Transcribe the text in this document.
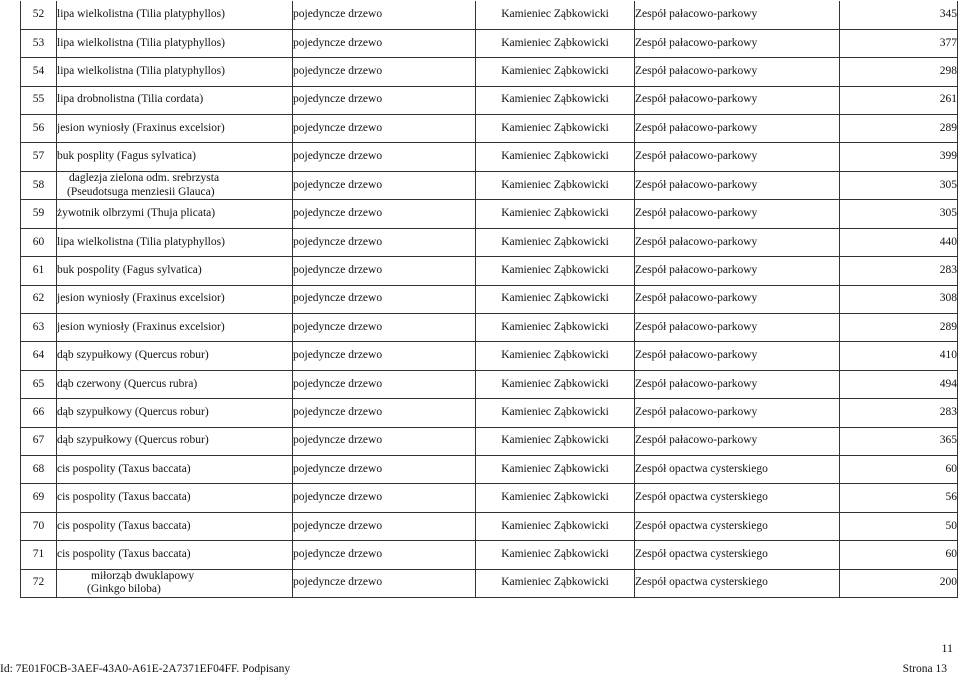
52	lipa wielkolistna (Tilia platyphyllos)	pojedyncze drzewo	Kamieniec Ząbkowicki	Zespół pałacowo-parkowy	345
53	lipa wielkolistna (Tilia platyphyllos)	pojedyncze drzewo	Kamieniec Ząbkowicki	Zespół pałacowo-parkowy	377
54	lipa wielkolistna (Tilia platyphyllos)	pojedyncze drzewo	Kamieniec Ząbkowicki	Zespół pałacowo-parkowy	298
55	lipa drobnolistna (Tilia cordata)	pojedyncze drzewo	Kamieniec Ząbkowicki	Zespół pałacowo-parkowy	261
56	jesion wyniosły (Fraxinus excelsior)	pojedyncze drzewo	Kamieniec Ząbkowicki	Zespół pałacowo-parkowy	289
57	buk posplity (Fagus sylvatica)	pojedyncze drzewo	Kamieniec Ząbkowicki	Zespół pałacowo-parkowy	399
58	daglezja zielona odm. srebrzysta
(Pseudotsuga menziesii Glauca)	pojedyncze drzewo	Kamieniec Ząbkowicki	Zespół pałacowo-parkowy	305
59	żywotnik olbrzymi (Thuja plicata)	pojedyncze drzewo	Kamieniec Ząbkowicki	Zespół pałacowo-parkowy	305
60	lipa wielkolistna (Tilia platyphyllos)	pojedyncze drzewo	Kamieniec Ząbkowicki	Zespół pałacowo-parkowy	440
61	buk pospolity (Fagus sylvatica)	pojedyncze drzewo	Kamieniec Ząbkowicki	Zespół pałacowo-parkowy	283
62	jesion wyniosły (Fraxinus excelsior)	pojedyncze drzewo	Kamieniec Ząbkowicki	Zespół pałacowo-parkowy	308
63	jesion wyniosły (Fraxinus excelsior)	pojedyncze drzewo	Kamieniec Ząbkowicki	Zespół pałacowo-parkowy	289
64	dąb szypułkowy (Quercus robur)	pojedyncze drzewo	Kamieniec Ząbkowicki	Zespół pałacowo-parkowy	410
65	dąb czerwony (Quercus rubra)	pojedyncze drzewo	Kamieniec Ząbkowicki	Zespół pałacowo-parkowy	494
66	dąb szypułkowy (Quercus robur)	pojedyncze drzewo	Kamieniec Ząbkowicki	Zespół pałacowo-parkowy	283
67	dąb szypułkowy (Quercus robur)	pojedyncze drzewo	Kamieniec Ząbkowicki	Zespół pałacowo-parkowy	365
68	cis pospolity (Taxus baccata)	pojedyncze drzewo	Kamieniec Ząbkowicki	Zespół opactwa cysterskiego	60
69	cis pospolity (Taxus baccata)	pojedyncze drzewo	Kamieniec Ząbkowicki	Zespół opactwa cysterskiego	56
70	cis pospolity (Taxus baccata)	pojedyncze drzewo	Kamieniec Ząbkowicki	Zespół opactwa cysterskiego	50
71	cis pospolity (Taxus baccata)	pojedyncze drzewo	Kamieniec Ząbkowicki	Zespół opactwa cysterskiego	60
72	miłorząb dwuklapowy
(Ginkgo biloba)	pojedyncze drzewo	Kamieniec Ząbkowicki	Zespół opactwa cysterskiego	200
11
Id: 7E01F0CB-3AEF-43A0-A61E-2A7371EF04FF. Podpisany	Strona 13
